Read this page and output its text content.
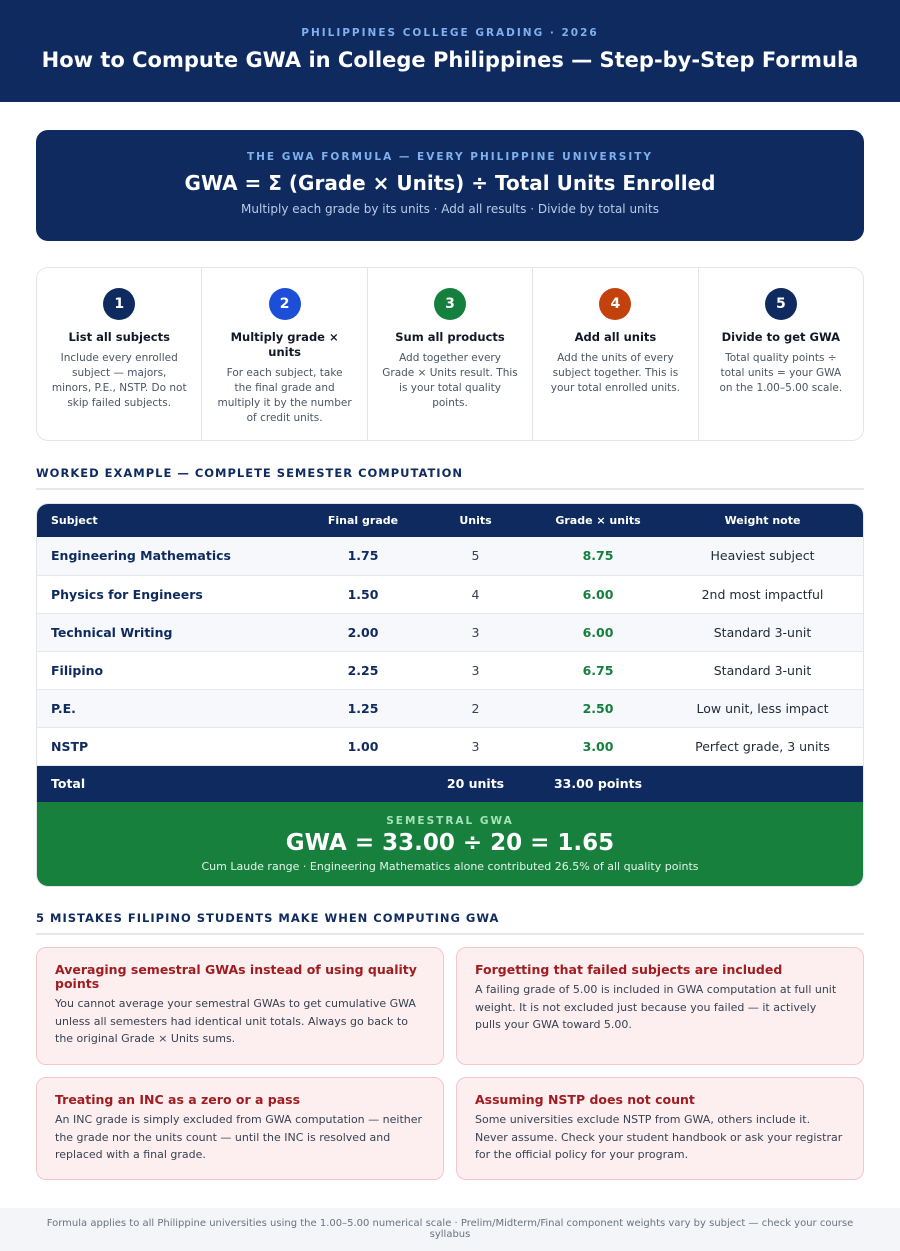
PHILIPPINES COLLEGE GRADING · 2026
How to Compute GWA in College Philippines — Step-by-Step Formula
THE GWA FORMULA — EVERY PHILIPPINE UNIVERSITY
GWA = Σ (Grade × Units) ÷ Total Units Enrolled
Multiply each grade by its units · Add all results · Divide by total units
1
List all subjects
Include every enrolled subject — majors, minors, P.E., NSTP. Do not skip failed subjects.
2
Multiply grade × units
For each subject, take the final grade and multiply it by the number of credit units.
3
Sum all products
Add together every Grade × Units result. This is your total quality points.
4
Add all units
Add the units of every subject together. This is your total enrolled units.
5
Divide to get GWA
Total quality points ÷ total units = your GWA on the 1.00–5.00 scale.
WORKED EXAMPLE — COMPLETE SEMESTER COMPUTATION
Subject	Final grade	Units	Grade × units	Weight note
Engineering Mathematics	1.75	5	8.75	Heaviest subject
Physics for Engineers	1.50	4	6.00	2nd most impactful
Technical Writing	2.00	3	6.00	Standard 3-unit
Filipino	2.25	3	6.75	Standard 3-unit
P.E.	1.25	2	2.50	Low unit, less impact
NSTP	1.00	3	3.00	Perfect grade, 3 units
Total		20 units	33.00 points	
SEMESTRAL GWA
GWA = 33.00 ÷ 20 = 1.65
Cum Laude range · Engineering Mathematics alone contributed 26.5% of all quality points
5 MISTAKES FILIPINO STUDENTS MAKE WHEN COMPUTING GWA
Averaging semestral GWAs instead of using quality points
You cannot average your semestral GWAs to get cumulative GWA unless all semesters had identical unit totals. Always go back to the original Grade × Units sums.
Forgetting that failed subjects are included
A failing grade of 5.00 is included in GWA computation at full unit weight. It is not excluded just because you failed — it actively pulls your GWA toward 5.00.
Treating an INC as a zero or a pass
An INC grade is simply excluded from GWA computation — neither the grade nor the units count — until the INC is resolved and replaced with a final grade.
Assuming NSTP does not count
Some universities exclude NSTP from GWA, others include it. Never assume. Check your student handbook or ask your registrar for the official policy for your program.
Formula applies to all Philippine universities using the 1.00–5.00 numerical scale · Prelim/Midterm/Final component weights vary by subject — check your course syllabus
